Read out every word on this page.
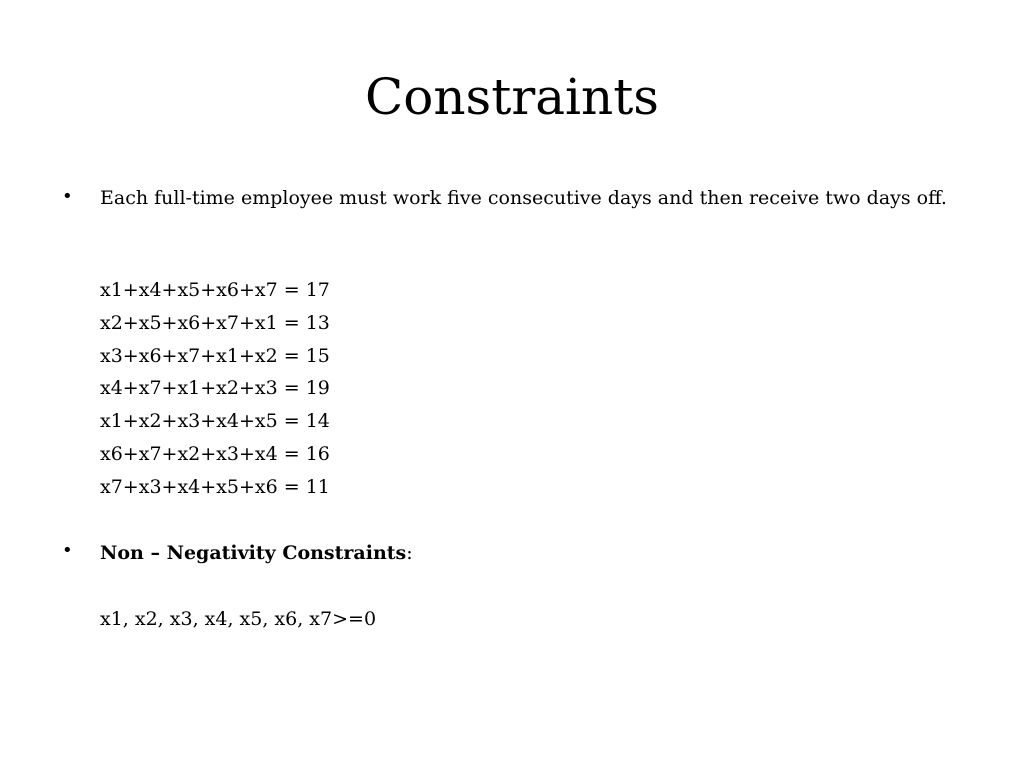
Constraints
• Each full-time employee must work five consecutive days and then receive two days off.
x1+x4+x5+x6+x7 = 17
x2+x5+x6+x7+x1 = 13
x3+x6+x7+x1+x2 = 15
x4+x7+x1+x2+x3 = 19
x1+x2+x3+x4+x5 = 14
x6+x7+x2+x3+x4 = 16
x7+x3+x4+x5+x6 = 11
• Non – Negativity Constraints:
x1, x2, x3, x4, x5, x6, x7>=0
